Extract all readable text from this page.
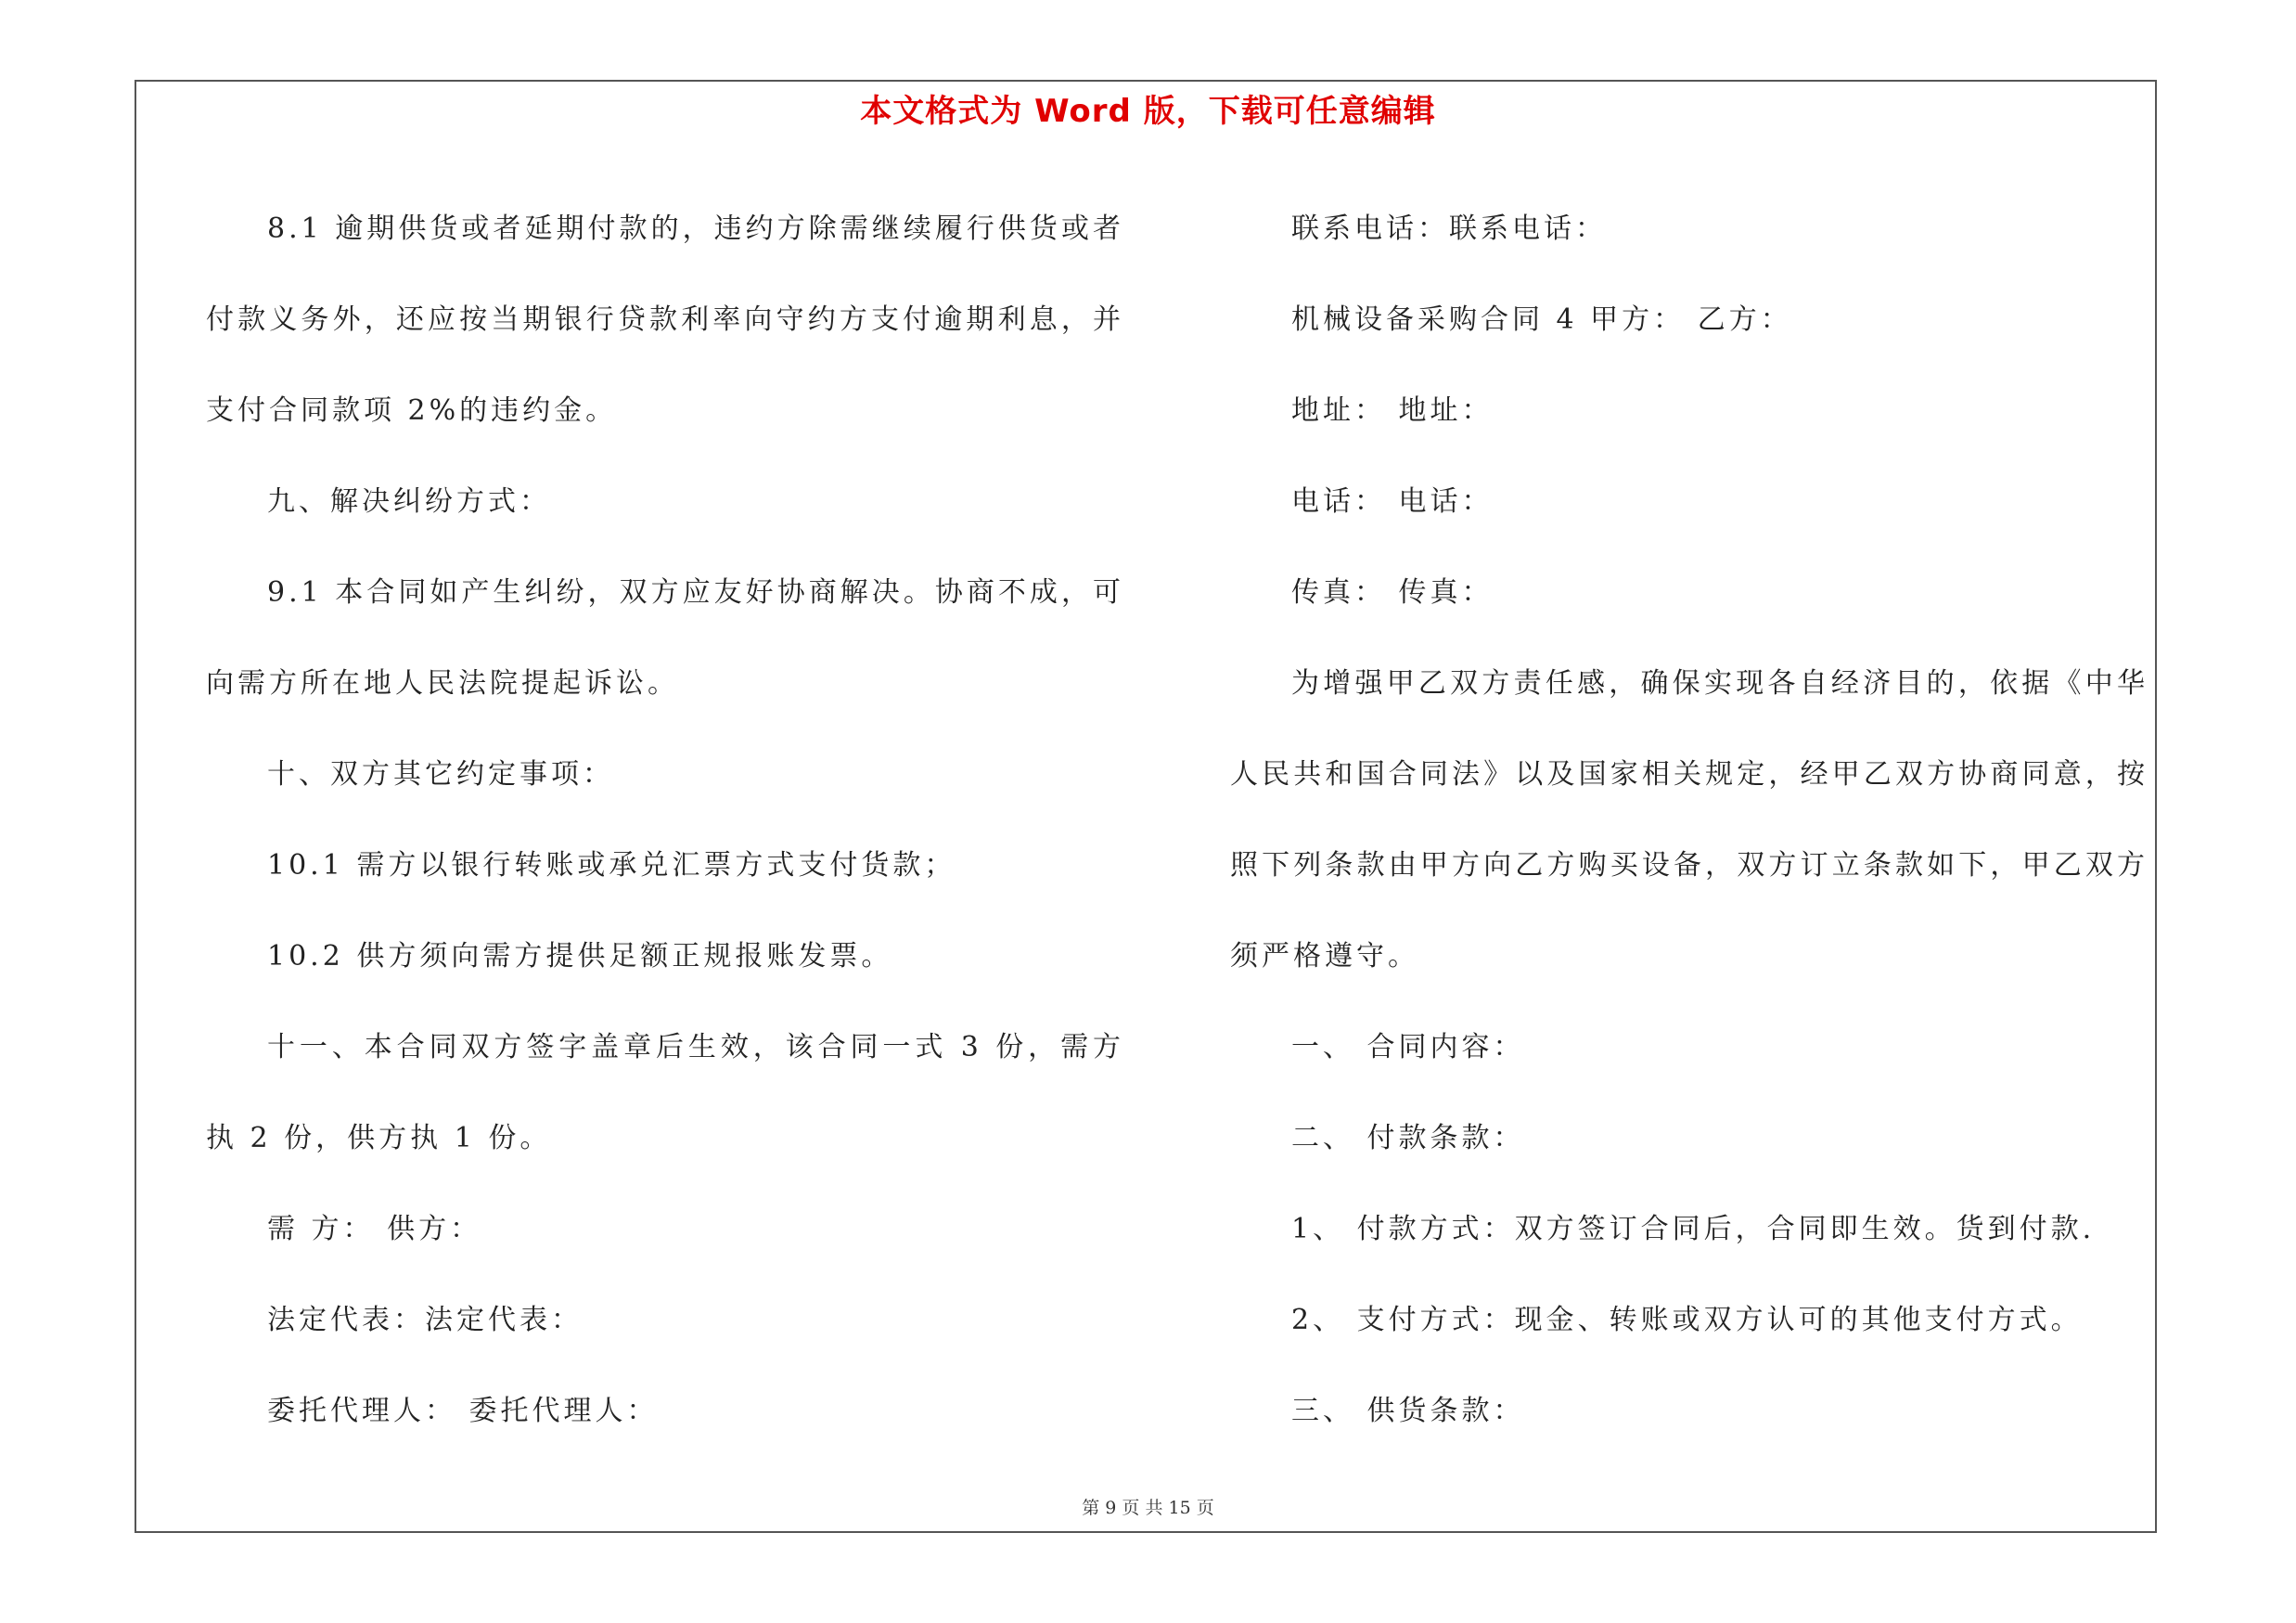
本文格式为 Word 版，下载可任意编辑

8.1 逾期供货或者延期付款的，违约方除需继续履行供货或者付款义务外，还应按当期银行贷款利率向守约方支付逾期利息，并支付合同款项 2%的违约金。

九、解决纠纷方式：

9.1 本合同如产生纠纷，双方应友好协商解决。协商不成，可向需方所在地人民法院提起诉讼。

十、双方其它约定事项：

10.1 需方以银行转账或承兑汇票方式支付货款；

10.2 供方须向需方提供足额正规报账发票。

十一、本合同双方签字盖章后生效，该合同一式 3 份，需方执 2 份，供方执 1 份。

需 方： 供方：

法定代表：法定代表：

委托代理人： 委托代理人：

联系电话：联系电话：

机械设备采购合同 4 甲方： 乙方：

地址： 地址：

电话： 电话：

传真： 传真：

为增强甲乙双方责任感，确保实现各自经济目的，依据《中华人民共和国合同法》以及国家相关规定，经甲乙双方协商同意，按照下列条款由甲方向乙方购买设备，双方订立条款如下，甲乙双方须严格遵守。

一、 合同内容：

二、 付款条款：

1、 付款方式：双方签订合同后，合同即生效。货到付款.

2、 支付方式：现金、转账或双方认可的其他支付方式。

三、 供货条款：

第 9 页 共 15 页
